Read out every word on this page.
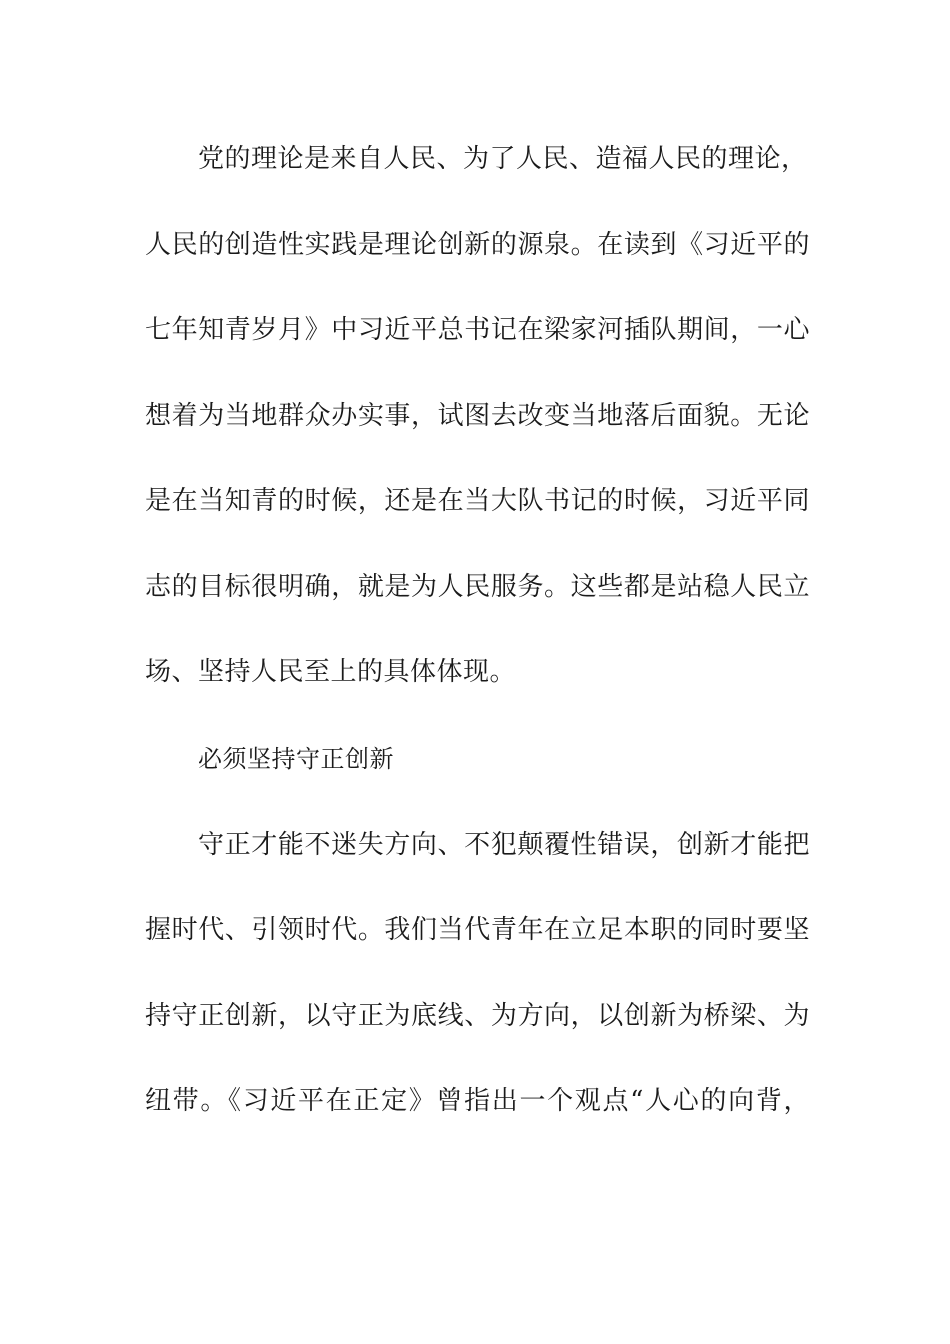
党的理论是来自人民、为了人民、造福人民的理论，
人民的创造性实践是理论创新的源泉。在读到《习近平的
七年知青岁月》中习近平总书记在梁家河插队期间，一心
想着为当地群众办实事，试图去改变当地落后面貌。无论
是在当知青的时候，还是在当大队书记的时候，习近平同
志的目标很明确，就是为人民服务。这些都是站稳人民立
场、坚持人民至上的具体体现。
必须坚持守正创新
守正才能不迷失方向、不犯颠覆性错误，创新才能把
握时代、引领时代。我们当代青年在立足本职的同时要坚
持守正创新，以守正为底线、为方向，以创新为桥梁、为
纽带。《习近平在正定》曾指出一个观点“人心的向背，
